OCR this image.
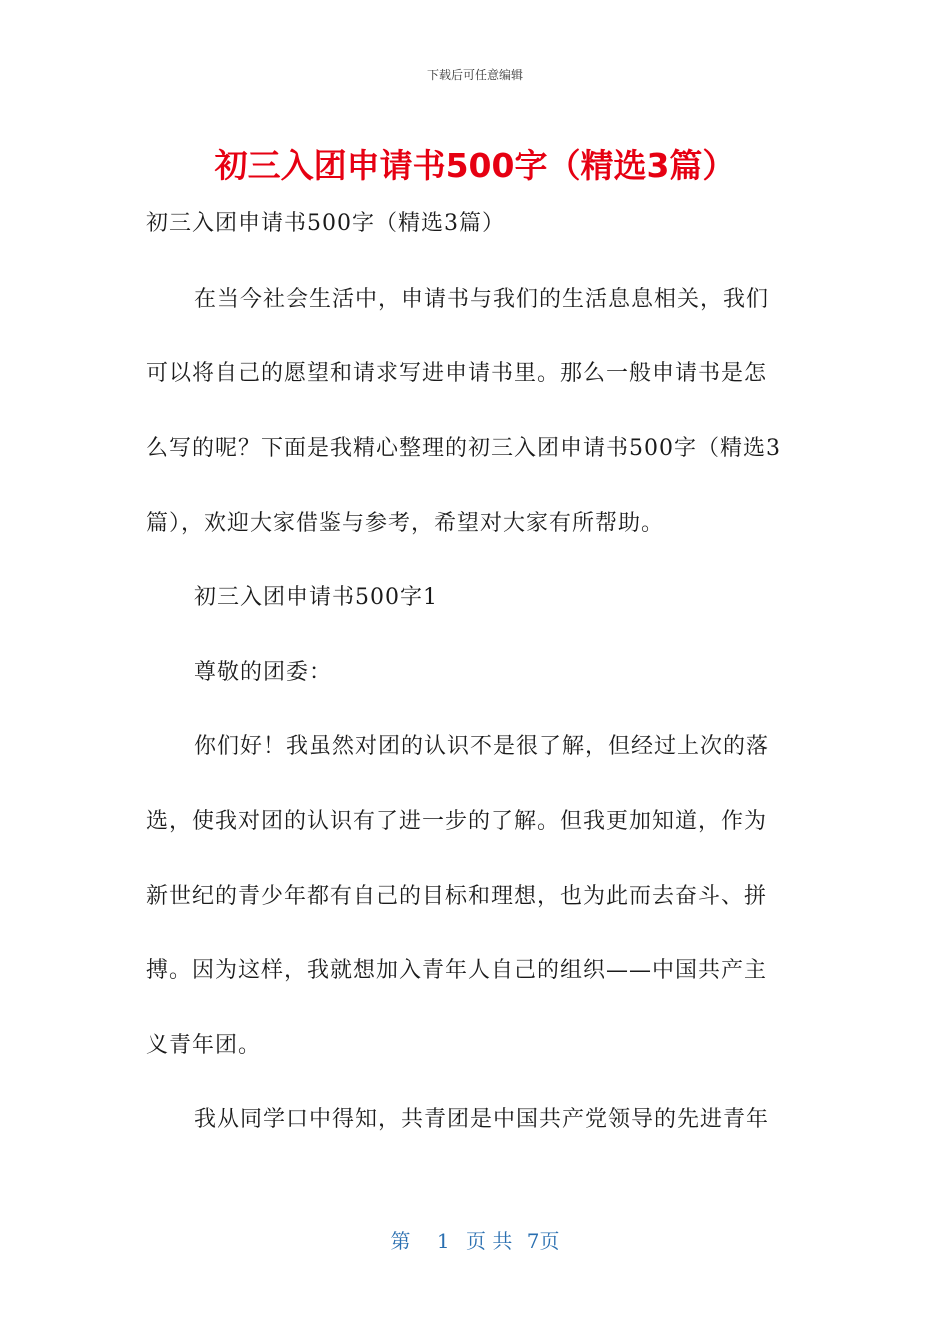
下载后可任意编辑
初三入团申请书500字（精选3篇）
初三入团申请书500字（精选3篇）
在当今社会生活中，申请书与我们的生活息息相关，我们
可以将自己的愿望和请求写进申请书里。那么一般申请书是怎
么写的呢？下面是我精心整理的初三入团申请书500字（精选3
篇），欢迎大家借鉴与参考，希望对大家有所帮助。
初三入团申请书500字1
尊敬的团委：
你们好！我虽然对团的认识不是很了解，但经过上次的落
选，使我对团的认识有了进一步的了解。但我更加知道，作为
新世纪的青少年都有自己的目标和理想，也为此而去奋斗、拼
搏。因为这样，我就想加入青年人自己的组织——中国共产主
义青年团。
我从同学口中得知，共青团是中国共产党领导的先进青年
第 1 页 共 7页
